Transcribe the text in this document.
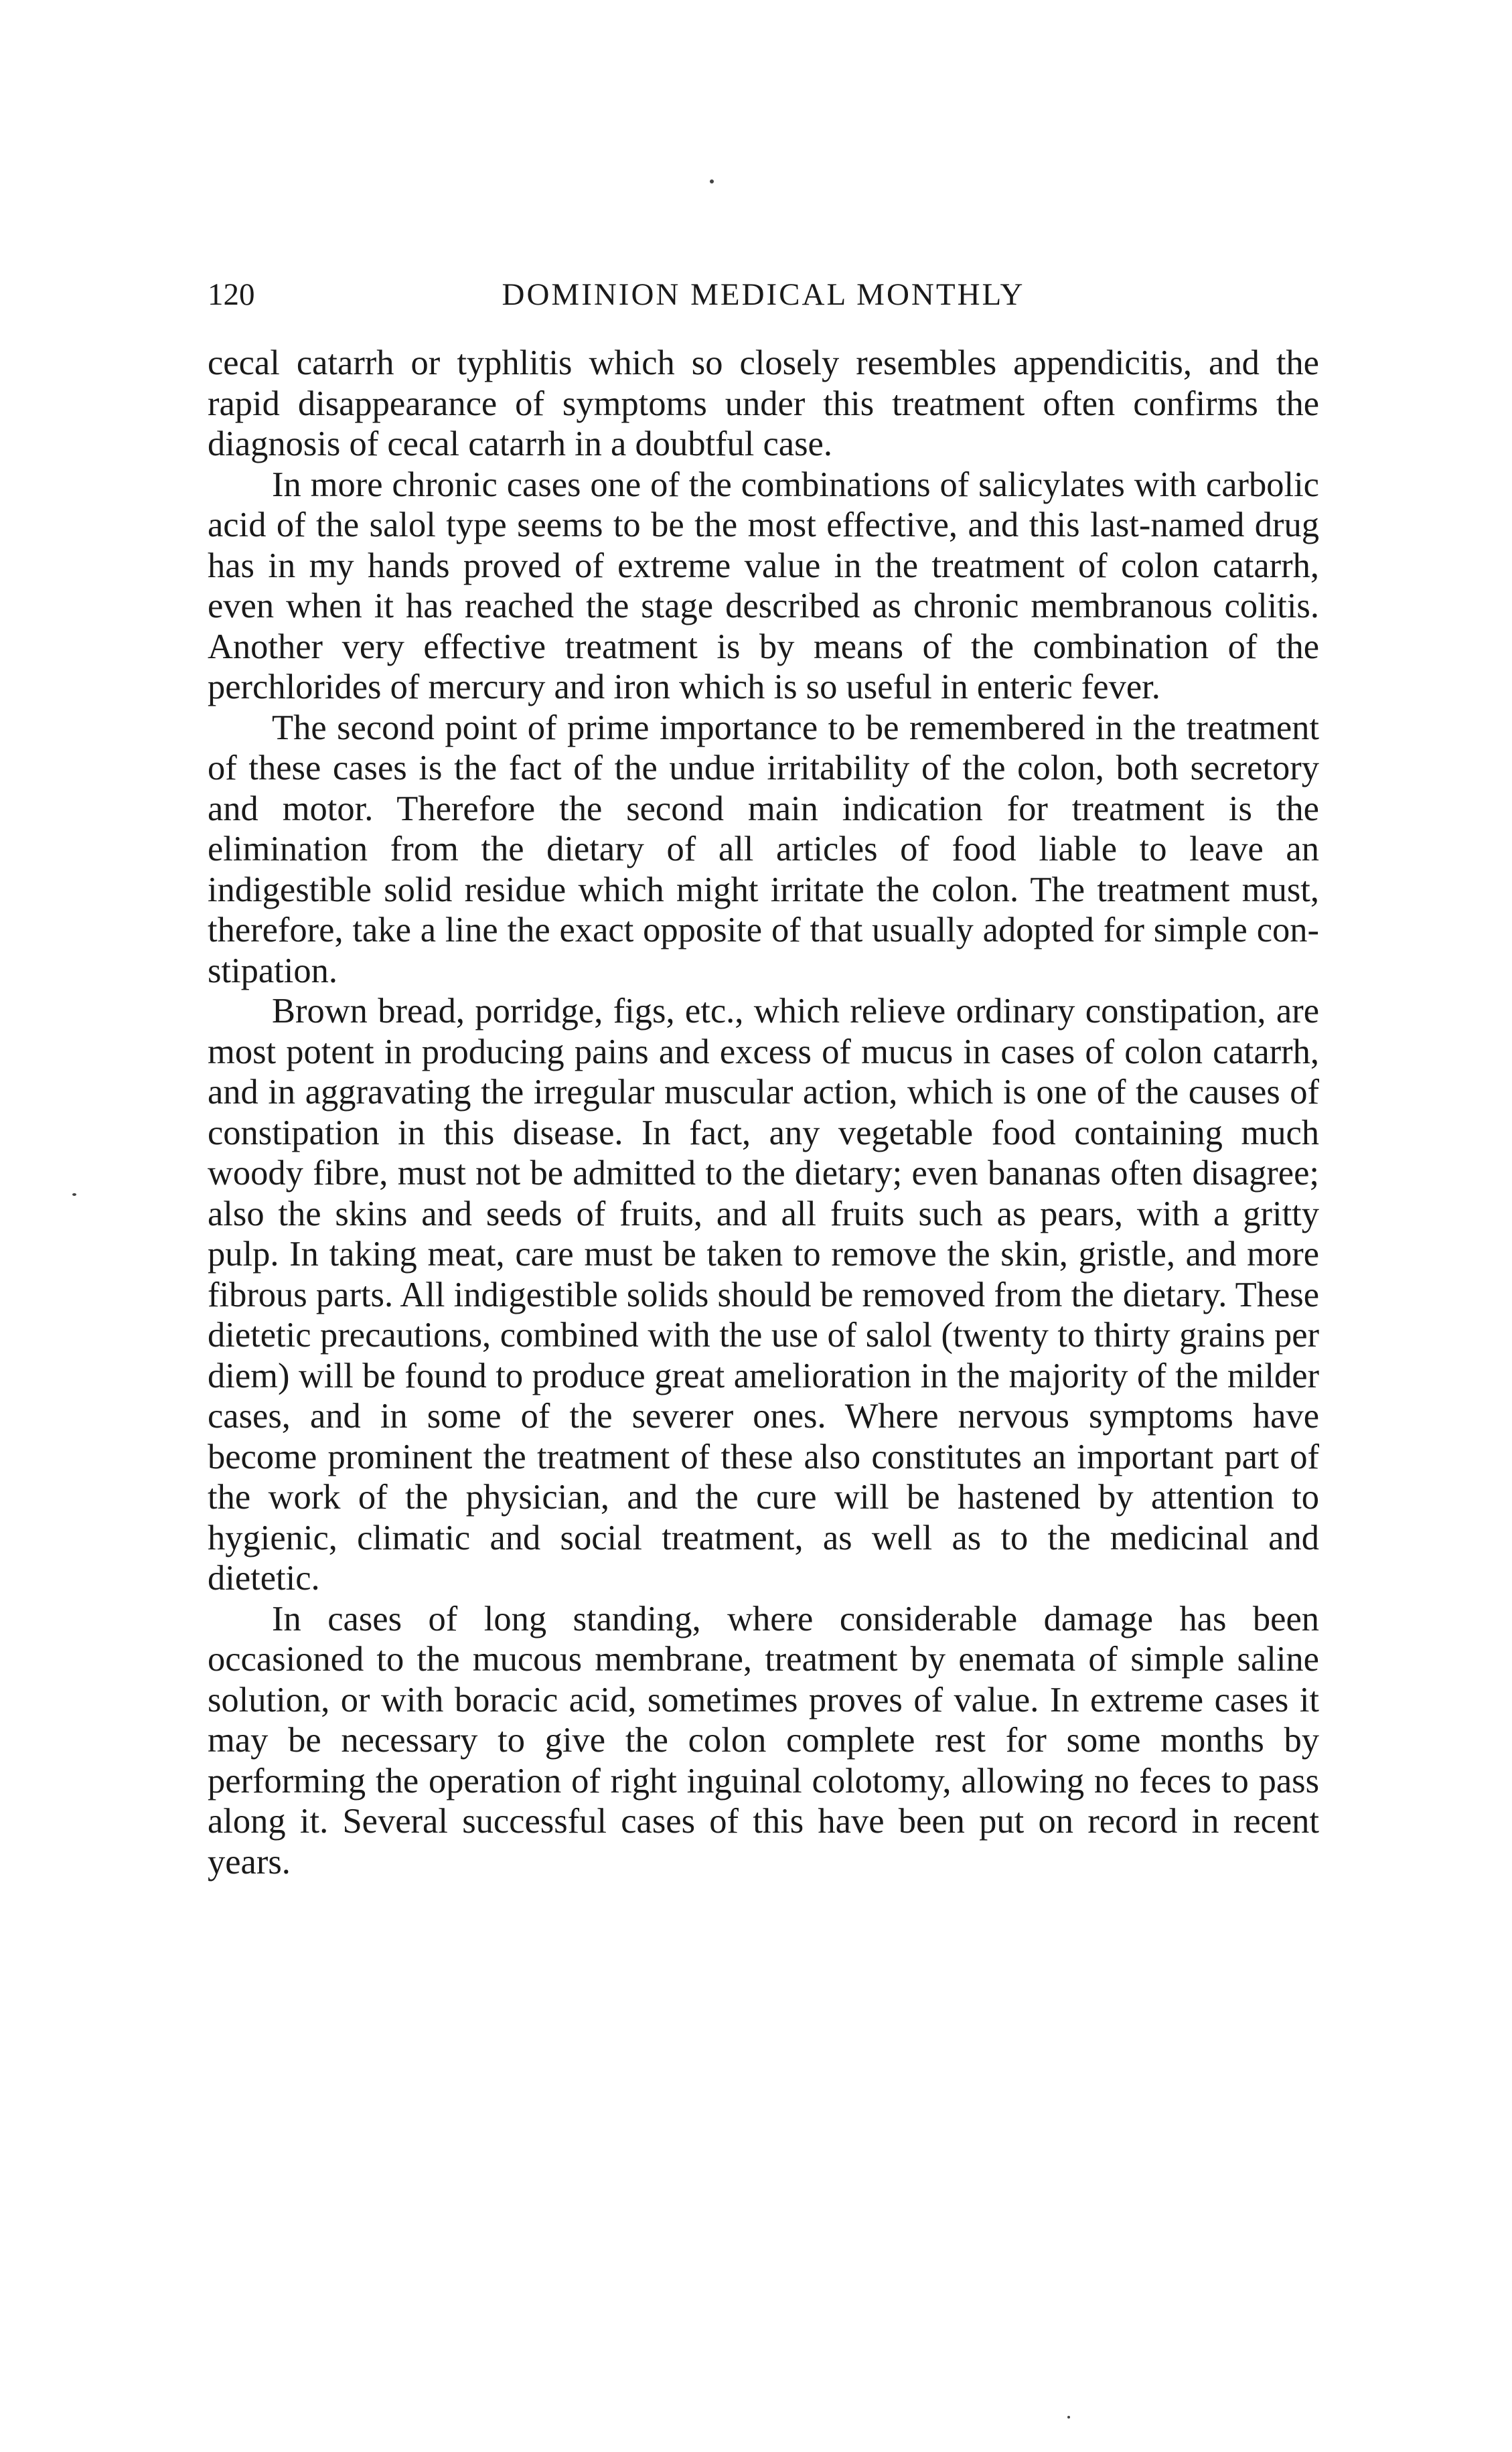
120	DOMINION MEDICAL MONTHLY

cecal catarrh or typhlitis which so closely resembles appendicitis, and the rapid disappearance of symptoms under this treatment often confirms the diagnosis of cecal catarrh in a doubtful case.

In more chronic cases one of the combinations of salicylates with carbolic acid of the salol type seems to be the most effective, and this last-named drug has in my hands proved of extreme value in the treatment of colon catarrh, even when it has reached the stage described as chronic membranous colitis. Another very effective treatment is by means of the combination of the perchlorides of mercury and iron which is so useful in enteric fever.

The second point of prime importance to be remembered in the treatment of these cases is the fact of the undue irritability of the colon, both secretory and motor. Therefore the second main indication for treatment is the elimination from the dietary of all articles of food liable to leave an indigestible solid residue which might irritate the colon. The treatment must, therefore, take a line the exact opposite of that usually adopted for simple constipation.

Brown bread, porridge, figs, etc., which relieve ordinary constipation, are most potent in producing pains and excess of mucus in cases of colon catarrh, and in aggravating the irregular muscular action, which is one of the causes of constipation in this disease. In fact, any vegetable food containing much woody fibre, must not be admitted to the dietary; even bananas often disagree; also the skins and seeds of fruits, and all fruits such as pears, with a gritty pulp. In taking meat, care must be taken to remove the skin, gristle, and more fibrous parts. All indigestible solids should be removed from the dietary. These dietetic precautions, combined with the use of salol (twenty to thirty grains per diem) will be found to produce great amelioration in the majority of the milder cases, and in some of the severer ones. Where nervous symptoms have become prominent the treatment of these also constitutes an important part of the work of the physician, and the cure will be hastened by attention to hygienic, climatic and social treatment, as well as to the medicinal and dietetic.

In cases of long standing, where considerable damage has been occasioned to the mucous membrane, treatment by enemata of simple saline solution, or with boracic acid, sometimes proves of value. In extreme cases it may be necessary to give the colon complete rest for some months by performing the operation of right inguinal colotomy, allowing no feces to pass along it. Several successful cases of this have been put on record in recent years.
